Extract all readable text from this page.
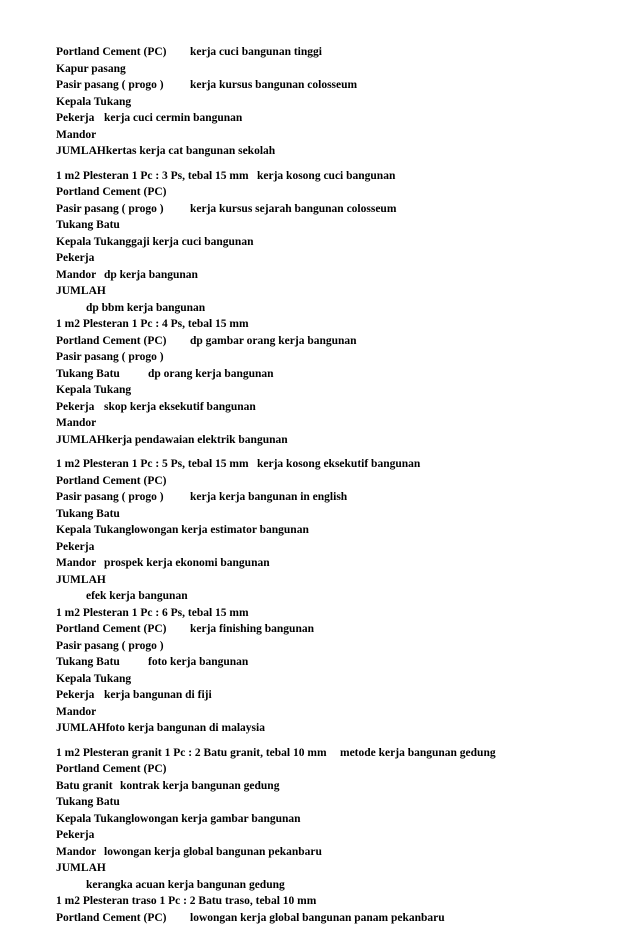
Portland Cement (PC) kerja cuci bangunan tinggi
Kapur pasang
Pasir pasang ( progo ) kerja kursus bangunan colosseum
Kepala Tukang
Pekerja kerja cuci cermin bangunan
Mandor
JUMLAHkertas kerja cat bangunan sekolah
1 m2 Plesteran 1 Pc : 3 Ps, tebal 15 mm kerja kosong cuci bangunan
Portland Cement (PC)
Pasir pasang ( progo ) kerja kursus sejarah bangunan colosseum
Tukang Batu
Kepala Tukanggaji kerja cuci bangunan
Pekerja
Mandor dp kerja bangunan
JUMLAH
dp bbm kerja bangunan
1 m2 Plesteran 1 Pc : 4 Ps, tebal 15 mm
Portland Cement (PC) dp gambar orang kerja bangunan
Pasir pasang ( progo )
Tukang Batu dp orang kerja bangunan
Kepala Tukang
Pekerja skop kerja eksekutif bangunan
Mandor
JUMLAHkerja pendawaian elektrik bangunan
1 m2 Plesteran 1 Pc : 5 Ps, tebal 15 mm kerja kosong eksekutif bangunan
Portland Cement (PC)
Pasir pasang ( progo ) kerja kerja bangunan in english
Tukang Batu
Kepala Tukanglowongan kerja estimator bangunan
Pekerja
Mandor prospek kerja ekonomi bangunan
JUMLAH
efek kerja bangunan
1 m2 Plesteran 1 Pc : 6 Ps, tebal 15 mm
Portland Cement (PC) kerja finishing bangunan
Pasir pasang ( progo )
Tukang Batu foto kerja bangunan
Kepala Tukang
Pekerja kerja bangunan di fiji
Mandor
JUMLAHfoto kerja bangunan di malaysia
1 m2 Plesteran granit 1 Pc : 2 Batu granit, tebal 10 mm metode kerja bangunan gedung
Portland Cement (PC)
Batu granit kontrak kerja bangunan gedung
Tukang Batu
Kepala Tukanglowongan kerja gambar bangunan
Pekerja
Mandor lowongan kerja global bangunan pekanbaru
JUMLAH
kerangka acuan kerja bangunan gedung
1 m2 Plesteran traso 1 Pc : 2 Batu traso, tebal 10 mm
Portland Cement (PC) lowongan kerja global bangunan panam pekanbaru
